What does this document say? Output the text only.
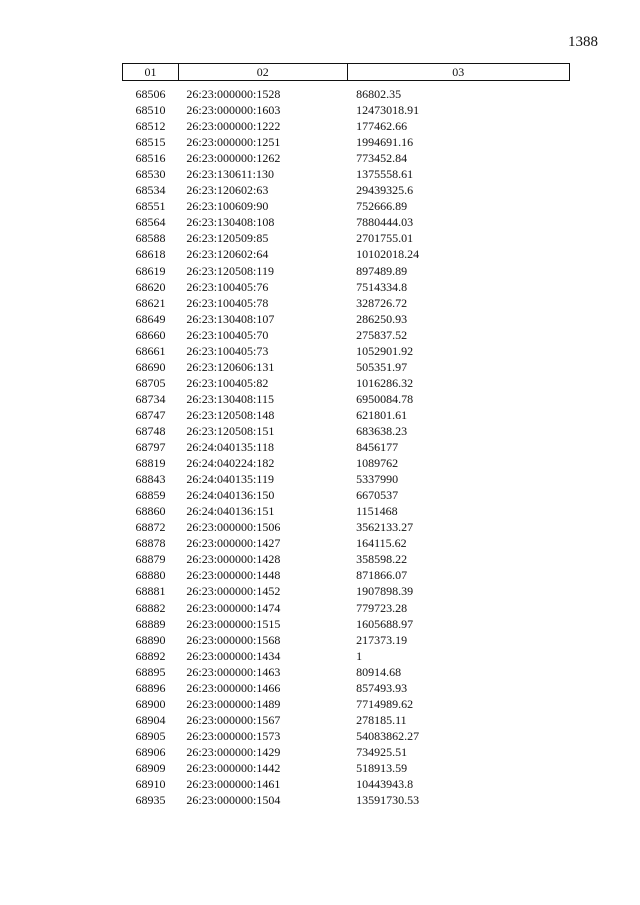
1388
01	02	03
68506	26:23:000000:1528	86802.35
68510	26:23:000000:1603	12473018.91
68512	26:23:000000:1222	177462.66
68515	26:23:000000:1251	1994691.16
68516	26:23:000000:1262	773452.84
68530	26:23:130611:130	1375558.61
68534	26:23:120602:63	29439325.6
68551	26:23:100609:90	752666.89
68564	26:23:130408:108	7880444.03
68588	26:23:120509:85	2701755.01
68618	26:23:120602:64	10102018.24
68619	26:23:120508:119	897489.89
68620	26:23:100405:76	7514334.8
68621	26:23:100405:78	328726.72
68649	26:23:130408:107	286250.93
68660	26:23:100405:70	275837.52
68661	26:23:100405:73	1052901.92
68690	26:23:120606:131	505351.97
68705	26:23:100405:82	1016286.32
68734	26:23:130408:115	6950084.78
68747	26:23:120508:148	621801.61
68748	26:23:120508:151	683638.23
68797	26:24:040135:118	8456177
68819	26:24:040224:182	1089762
68843	26:24:040135:119	5337990
68859	26:24:040136:150	6670537
68860	26:24:040136:151	1151468
68872	26:23:000000:1506	3562133.27
68878	26:23:000000:1427	164115.62
68879	26:23:000000:1428	358598.22
68880	26:23:000000:1448	871866.07
68881	26:23:000000:1452	1907898.39
68882	26:23:000000:1474	779723.28
68889	26:23:000000:1515	1605688.97
68890	26:23:000000:1568	217373.19
68892	26:23:000000:1434	1
68895	26:23:000000:1463	80914.68
68896	26:23:000000:1466	857493.93
68900	26:23:000000:1489	7714989.62
68904	26:23:000000:1567	278185.11
68905	26:23:000000:1573	54083862.27
68906	26:23:000000:1429	734925.51
68909	26:23:000000:1442	518913.59
68910	26:23:000000:1461	10443943.8
68935	26:23:000000:1504	13591730.53
